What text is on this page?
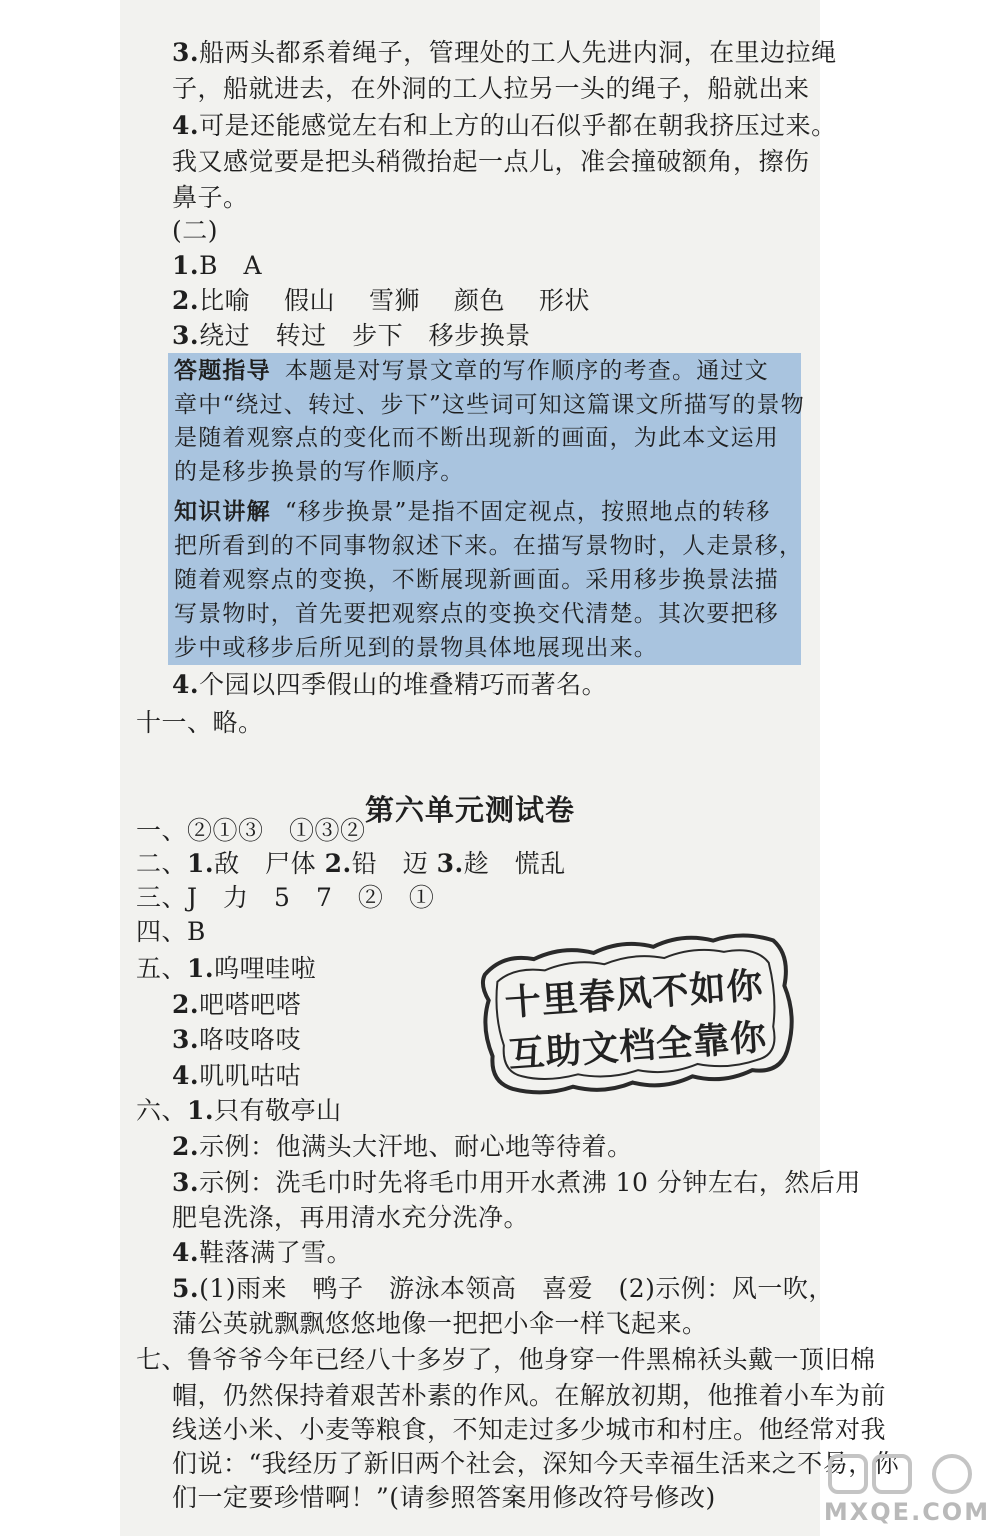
3.船两头都系着绳子，管理处的工人先进内洞，在里边拉绳
子，船就进去，在外洞的工人拉另一头的绳子，船就出来
4.可是还能感觉左右和上方的山石似乎都在朝我挤压过来。
我又感觉要是把头稍微抬起一点儿，准会撞破额角，擦伤
鼻子。
(二)
1.B　A
2.比喻　 假山　 雪狮　 颜色　 形状
3.绕过　转过　步下　移步换景
答题指导 本题是对写景文章的写作顺序的考查。通过文
章中“绕过、转过、步下”这些词可知这篇课文所描写的景物
是随着观察点的变化而不断出现新的画面，为此本文运用
的是移步换景的写作顺序。
知识讲解 “移步换景”是指不固定视点，按照地点的转移
把所看到的不同事物叙述下来。在描写景物时，人走景移，
随着观察点的变换，不断展现新画面。采用移步换景法描
写景物时，首先要把观察点的变换交代清楚。其次要把移
步中或移步后所见到的景物具体地展现出来。
4.个园以四季假山的堆叠精巧而著名。
十一、略。
第六单元测试卷
一、②①③　①③②
二、1.敌　尸体 2.铅　迈 3.趁　慌乱
三、J　力　5　7　②　①
四、B
五、1.呜哩哇啦
2.吧嗒吧嗒
3.咯吱咯吱
4.叽叽咕咕
六、1.只有敬亭山
2.示例：他满头大汗地、耐心地等待着。
3.示例：洗毛巾时先将毛巾用开水煮沸 10 分钟左右，然后用
肥皂洗涤，再用清水充分洗净。
4.鞋落满了雪。
5.(1)雨来　鸭子　游泳本领高　喜爱　(2)示例：风一吹，
蒲公英就飘飘悠悠地像一把把小伞一样飞起来。
七、鲁爷爷今年已经八十多岁了，他身穿一件黑棉袄头戴一顶旧棉
帽，仍然保持着艰苦朴素的作风。在解放初期，他推着小车为前
线送小米、小麦等粮食，不知走过多少城市和村庄。他经常对我
们说：“我经历了新旧两个社会，深知今天幸福生活来之不易，你
们一定要珍惜啊！”(请参照答案用修改符号修改)
十里春风不如你
互助文档全靠你
MXQE.COM
